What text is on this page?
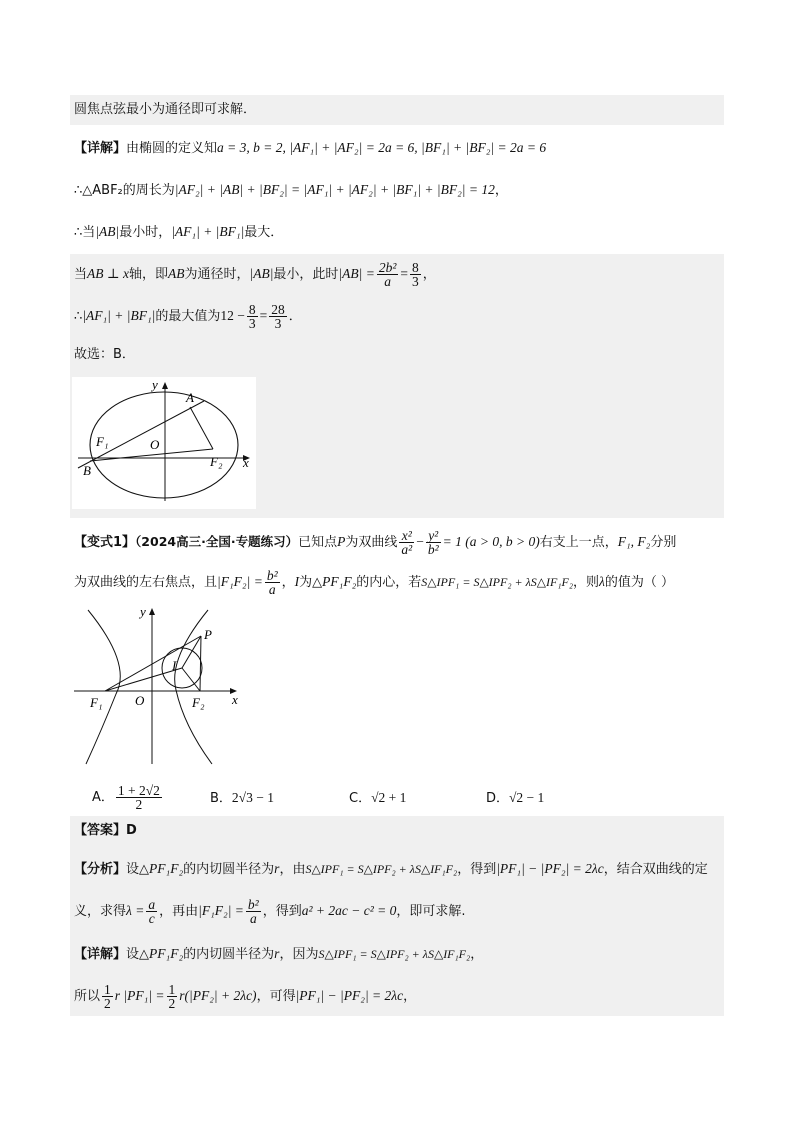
圆焦点弦最小为通径即可求解．
【详解】由椭圆的定义知a = 3, b = 2, |AF₁| + |AF₂| = 2a = 6, |BF₁| + |BF₂| = 2a = 6
∴△ABF₂的周长为|AF₂| + |AB| + |BF₂| = |AF₁| + |AF₂| + |BF₁| + |BF₂| = 12，
∴当|AB|最小时，|AF₁| + |BF₁|最大．
当AB ⊥ x轴，即AB为通径时，|AB|最小，此时$|AB| = \frac{\text{2b²}}{a} = \frac{8}{3}$ ，
∴|AF₁| + |BF₁|的最大值为$12 - \frac{8}{3} = \frac{28}{3}$ ．
故选：B．
y
A
F₁	O
B
F₂ x
【变式1】（2024高三·全国·专题练习）已知点P为双曲线 $\frac{\text{x²}}{\text{a²}} - \frac{\text{y²}}{\text{b²}} = 1$ (a > 0, b > 0)右支上一点，F₁, F₂分别
为双曲线的左右焦点，且$|F_1F_2| = \frac{\text{b²}}{a}$ ，I为△PF₁F₂的内心，若S△IPF₁ = S△IPF₂ + λS△IF₁F₂，则λ的值为（ ）
y
P
I
F₁	O	F₂ x
A． $\frac{1 + 2√2}{2}$	B．2√3 − 1	C．√2 + 1	D．√2 − 1
【答案】D
【分析】设△PF₁F₂的内切圆半径为r，由S△IPF₁ = S△IPF₂ + λS△IF₁F₂，得到|PF₁| − |PF₂| = 2λc，结合双曲线的定
义，求得$\lambda = \frac{a}{c}$ ，再由$|F_1F_2| = \frac{\text{b²}}{a}$ ，得到a² + 2ac − c² = 0，即可求解.
【详解】设△PF₁F₂的内切圆半径为r，因为S△IPF₁ = S△IPF₂ + λS△IF₁F₂，
所以 $\frac{1}{2}$ r $|PF_1| = \frac{1}{2} r(|PF_2| + 2\lambda c)$，可得|PF₁| − |PF₂| = 2λc，
